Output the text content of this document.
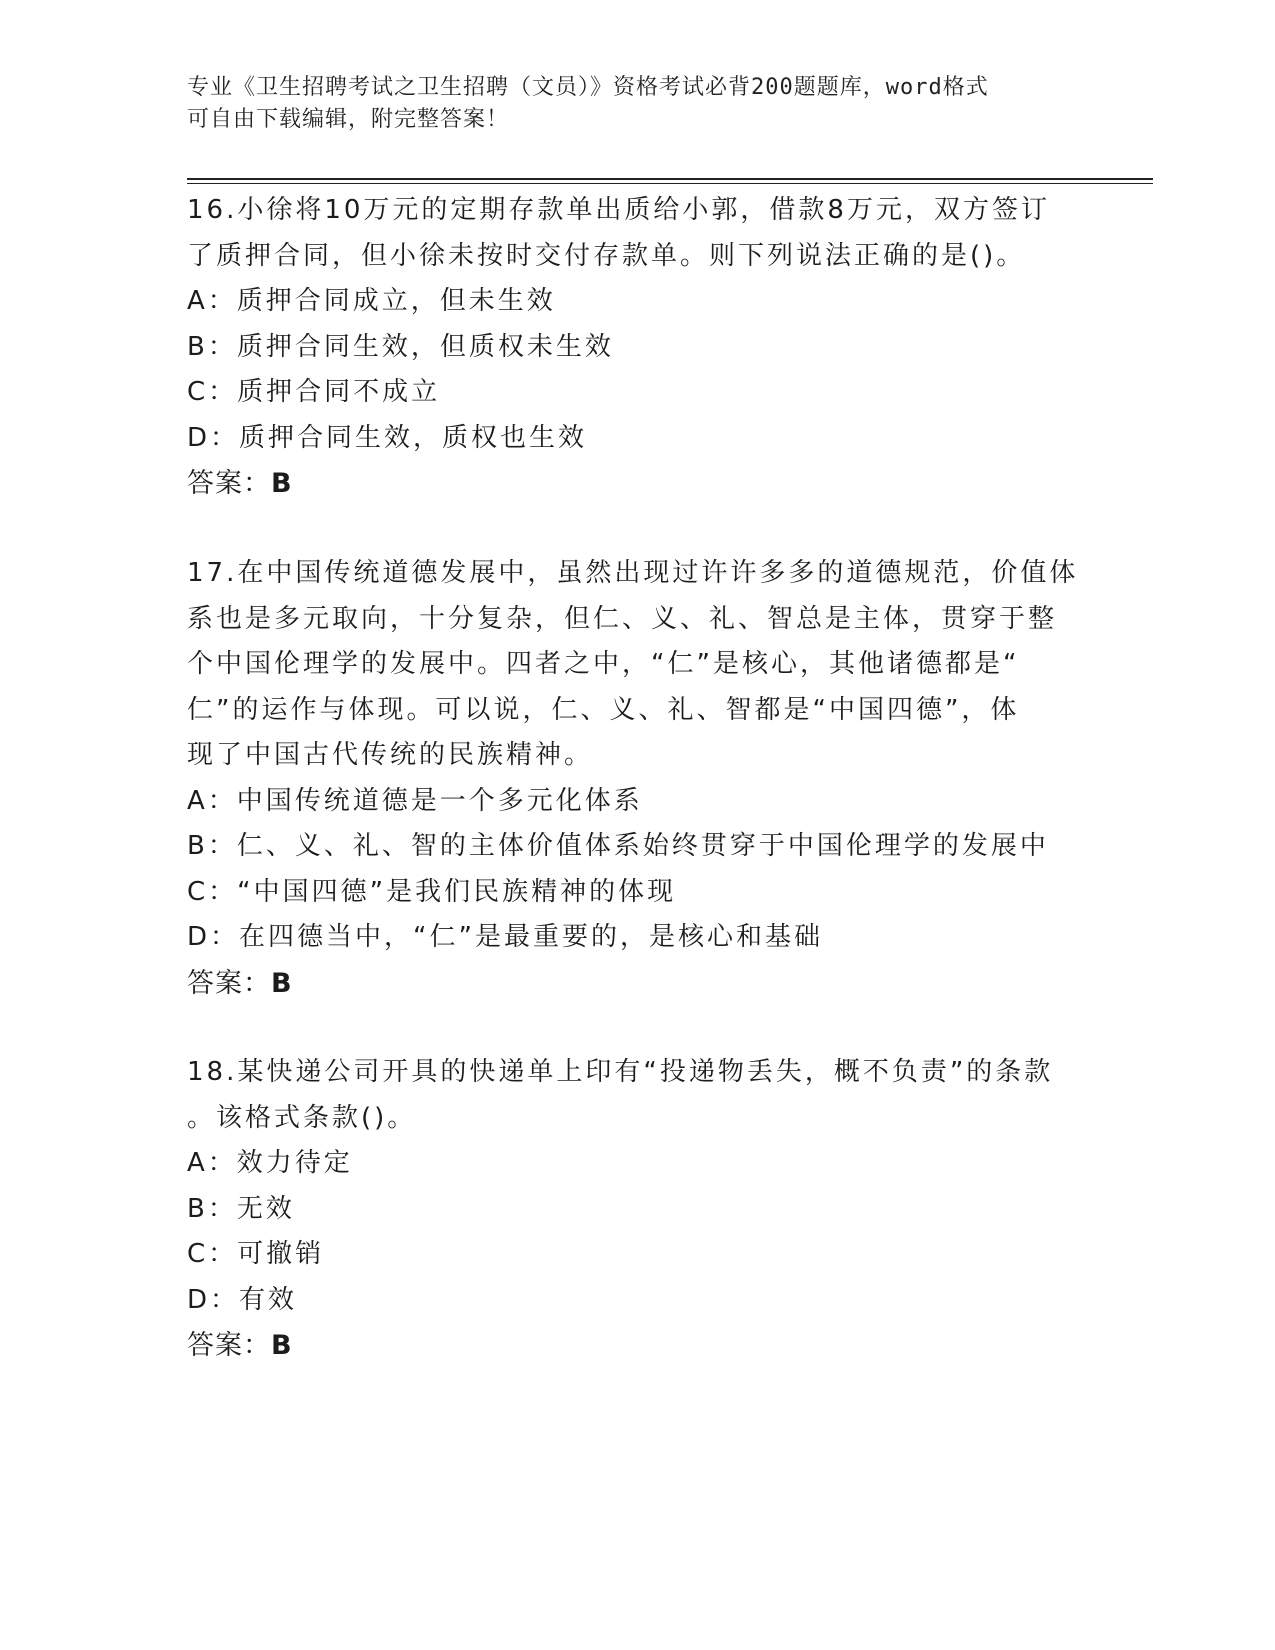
专业《卫生招聘考试之卫生招聘（文员）》资格考试必背200题题库，word格式
可自由下载编辑，附完整答案！
16.小徐将10万元的定期存款单出质给小郭，借款8万元，双方签订
了质押合同，但小徐未按时交付存款单。则下列说法正确的是()。
A：质押合同成立，但未生效
B：质押合同生效，但质权未生效
C：质押合同不成立
D：质押合同生效，质权也生效
答案：B
17.在中国传统道德发展中，虽然出现过许许多多的道德规范，价值体
系也是多元取向，十分复杂，但仁、义、礼、智总是主体，贯穿于整
个中国伦理学的发展中。四者之中，“仁”是核心，其他诸德都是“
仁”的运作与体现。可以说，仁、义、礼、智都是“中国四德”，体
现了中国古代传统的民族精神。
A：中国传统道德是一个多元化体系
B：仁、义、礼、智的主体价值体系始终贯穿于中国伦理学的发展中
C：“中国四德”是我们民族精神的体现
D：在四德当中，“仁”是最重要的，是核心和基础
答案：B
18.某快递公司开具的快递单上印有“投递物丢失，概不负责”的条款
。该格式条款()。
A：效力待定
B：无效
C：可撤销
D：有效
答案：B
